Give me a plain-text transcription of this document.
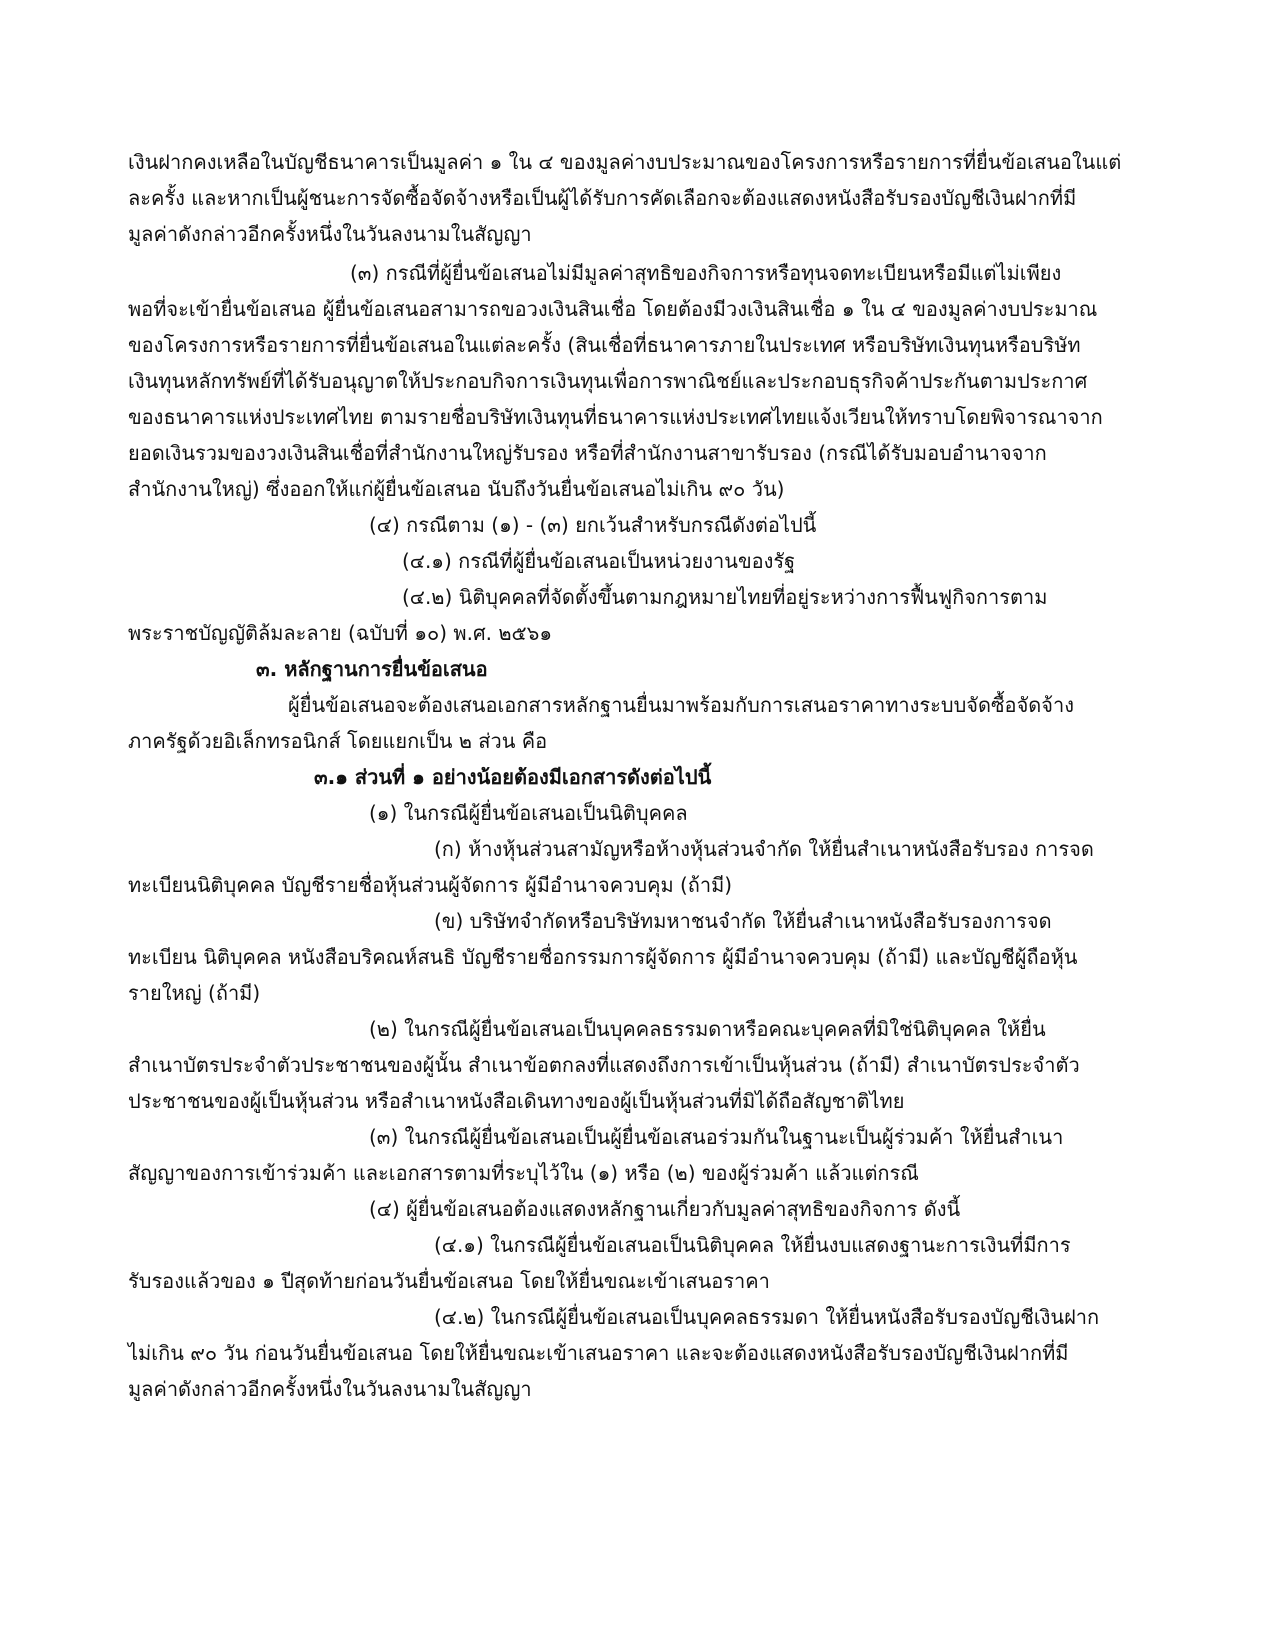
เงินฝากคงเหลือในบัญชีธนาคารเป็นมูลค่า ๑ ใน ๔ ของมูลค่างบประมาณของโครงการหรือรายการที่ยื่นข้อเสนอในแต่
ละครั้ง และหากเป็นผู้ชนะการจัดซื้อจัดจ้างหรือเป็นผู้ได้รับการคัดเลือกจะต้องแสดงหนังสือรับรองบัญชีเงินฝากที่มี
มูลค่าดังกล่าวอีกครั้งหนึ่งในวันลงนามในสัญญา
(๓) กรณีที่ผู้ยื่นข้อเสนอไม่มีมูลค่าสุทธิของกิจการหรือทุนจดทะเบียนหรือมีแต่ไม่เพียง
พอที่จะเข้ายื่นข้อเสนอ ผู้ยื่นข้อเสนอสามารถขอวงเงินสินเชื่อ โดยต้องมีวงเงินสินเชื่อ ๑ ใน ๔ ของมูลค่างบประมาณ
ของโครงการหรือรายการที่ยื่นข้อเสนอในแต่ละครั้ง (สินเชื่อที่ธนาคารภายในประเทศ หรือบริษัทเงินทุนหรือบริษัท
เงินทุนหลักทรัพย์ที่ได้รับอนุญาตให้ประกอบกิจการเงินทุนเพื่อการพาณิชย์และประกอบธุรกิจค้าประกันตามประกาศ
ของธนาคารแห่งประเทศไทย ตามรายชื่อบริษัทเงินทุนที่ธนาคารแห่งประเทศไทยแจ้งเวียนให้ทราบโดยพิจารณาจาก
ยอดเงินรวมของวงเงินสินเชื่อที่สำนักงานใหญ่รับรอง หรือที่สำนักงานสาขารับรอง (กรณีได้รับมอบอำนาจจาก
สำนักงานใหญ่) ซึ่งออกให้แก่ผู้ยื่นข้อเสนอ นับถึงวันยื่นข้อเสนอไม่เกิน ๙๐ วัน)
(๔) กรณีตาม (๑) - (๓) ยกเว้นสำหรับกรณีดังต่อไปนี้
(๔.๑) กรณีที่ผู้ยื่นข้อเสนอเป็นหน่วยงานของรัฐ
(๔.๒) นิติบุคคลที่จัดตั้งขึ้นตามกฎหมายไทยที่อยู่ระหว่างการฟื้นฟูกิจการตาม
พระราชบัญญัติล้มละลาย (ฉบับที่ ๑๐) พ.ศ. ๒๕๖๑
๓. หลักฐานการยื่นข้อเสนอ
ผู้ยื่นข้อเสนอจะต้องเสนอเอกสารหลักฐานยื่นมาพร้อมกับการเสนอราคาทางระบบจัดซื้อจัดจ้าง
ภาครัฐด้วยอิเล็กทรอนิกส์ โดยแยกเป็น ๒ ส่วน คือ
๓.๑ ส่วนที่ ๑ อย่างน้อยต้องมีเอกสารดังต่อไปนี้
(๑) ในกรณีผู้ยื่นข้อเสนอเป็นนิติบุคคล
(ก) ห้างหุ้นส่วนสามัญหรือห้างหุ้นส่วนจำกัด ให้ยื่นสำเนาหนังสือรับรอง การจด
ทะเบียนนิติบุคคล บัญชีรายชื่อหุ้นส่วนผู้จัดการ ผู้มีอำนาจควบคุม (ถ้ามี)
(ข) บริษัทจำกัดหรือบริษัทมหาชนจำกัด ให้ยื่นสำเนาหนังสือรับรองการจด
ทะเบียน นิติบุคคล หนังสือบริคณห์สนธิ บัญชีรายชื่อกรรมการผู้จัดการ ผู้มีอำนาจควบคุม (ถ้ามี) และบัญชีผู้ถือหุ้น
รายใหญ่ (ถ้ามี)
(๒) ในกรณีผู้ยื่นข้อเสนอเป็นบุคคลธรรมดาหรือคณะบุคคลที่มิใช่นิติบุคคล ให้ยื่น
สำเนาบัตรประจำตัวประชาชนของผู้นั้น สำเนาข้อตกลงที่แสดงถึงการเข้าเป็นหุ้นส่วน (ถ้ามี) สำเนาบัตรประจำตัว
ประชาชนของผู้เป็นหุ้นส่วน หรือสำเนาหนังสือเดินทางของผู้เป็นหุ้นส่วนที่มิได้ถือสัญชาติไทย
(๓) ในกรณีผู้ยื่นข้อเสนอเป็นผู้ยื่นข้อเสนอร่วมกันในฐานะเป็นผู้ร่วมค้า ให้ยื่นสำเนา
สัญญาของการเข้าร่วมค้า และเอกสารตามที่ระบุไว้ใน (๑) หรือ (๒) ของผู้ร่วมค้า แล้วแต่กรณี
(๔) ผู้ยื่นข้อเสนอต้องแสดงหลักฐานเกี่ยวกับมูลค่าสุทธิของกิจการ ดังนี้
(๔.๑) ในกรณีผู้ยื่นข้อเสนอเป็นนิติบุคคล ให้ยื่นงบแสดงฐานะการเงินที่มีการ
รับรองแล้วของ ๑ ปีสุดท้ายก่อนวันยื่นข้อเสนอ โดยให้ยื่นขณะเข้าเสนอราคา
(๔.๒) ในกรณีผู้ยื่นข้อเสนอเป็นบุคคลธรรมดา ให้ยื่นหนังสือรับรองบัญชีเงินฝาก
ไม่เกิน ๙๐ วัน ก่อนวันยื่นข้อเสนอ โดยให้ยื่นขณะเข้าเสนอราคา และจะต้องแสดงหนังสือรับรองบัญชีเงินฝากที่มี
มูลค่าดังกล่าวอีกครั้งหนึ่งในวันลงนามในสัญญา
